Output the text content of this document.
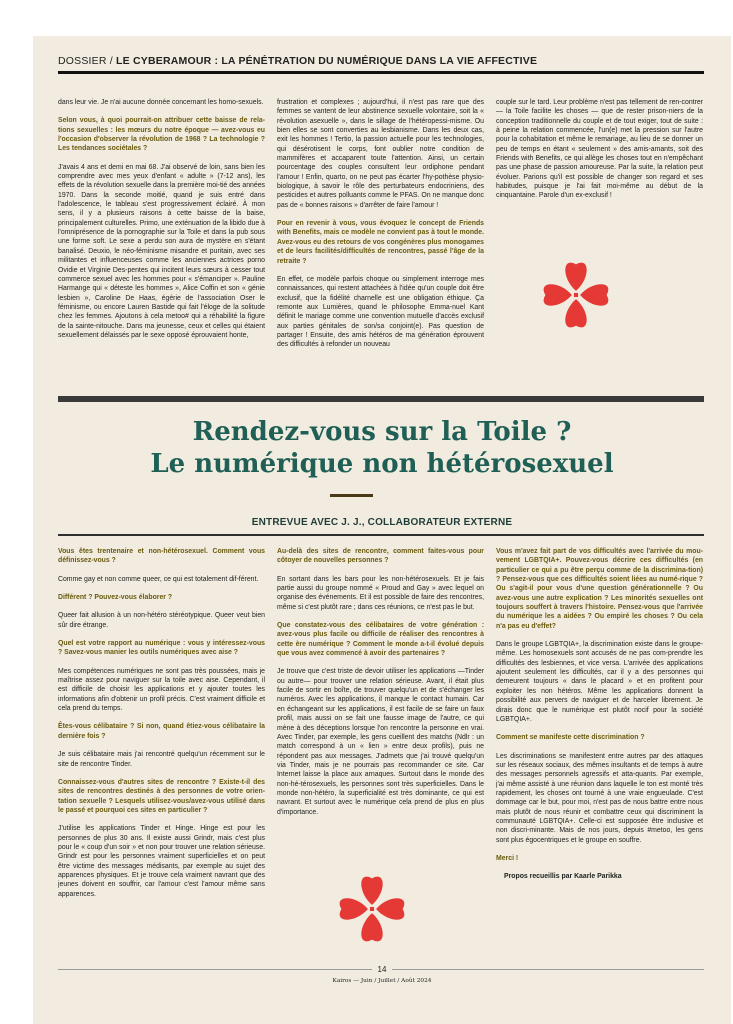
DOSSIER / LE CYBERAMOUR : LA PÉNÉTRATION DU NUMÉRIQUE DANS LA VIE AFFECTIVE

dans leur vie. Je n'ai aucune donnée concernant les homo-sexuels.

Selon vous, à quoi pourrait-on attribuer cette baisse de rela-tions sexuelles : les mœurs du notre époque — avez-vous eu l'occasion d'observer la révolution de 1968 ? La technologie ? Les tendances sociétales ?

J'avais 4 ans et demi en mai 68. J'ai observé de loin, sans bien les comprendre avec mes yeux d'enfant « adulte » (7-12 ans), les effets de la révolution sexuelle dans la première moi-tié des années 1970. Dans la seconde moitié, quand je suis entré dans l'adolescence, le tableau s'est progressivement éclairé. À mon sens, il y a plusieurs raisons à cette baisse de la baise, principalement culturelles. Primo, une exténuation de la libido due à l'omniprésence de la pornographie sur la Toile et dans la pub sous une forme soft. Le sexe a perdu son aura de mystère en s'étant banalisé. Deuxio, le néo-féminisme misandre et puritain, avec ses militantes et influenceuses comme les anciennes actrices porno Ovidie et Virginie Des-pentes qui incitent leurs sœurs à cesser tout commerce sexuel avec les hommes pour « s'émanciper ». Pauline Harmange qui « déteste les hommes », Alice Coffin et son « génie lesbien », Caroline De Haas, égérie de l'association Oser le féminisme, ou encore Lauren Bastide qui fait l'éloge de la solitude chez les femmes. Ajoutons à cela metoo# qui a réhabilité la figure de la sainte-nitouche. Dans ma jeunesse, ceux et celles qui étaient sexuellement délaissés par le sexe opposé éprouvaient honte,

frustration et complexes ; aujourd'hui, il n'est pas rare que des femmes se vantent de leur abstinence sexuelle volontaire, soit la « révolution asexuelle », dans le sillage de l'hétéropessi-misme. Ou bien elles se sont converties au lesbianisme. Dans les deux cas, exit les hommes ! Tertio, la passion actuelle pour les technologies, qui désérotisent le corps, font oublier notre condition de mammifères et accaparent toute l'attention. Ainsi, un certain pourcentage des couples consultent leur ordiphone pendant l'amour ! Enfin, quarto, on ne peut pas écarter l'hy-pothèse physio-biologique, à savoir le rôle des perturbateurs endocriniens, des pesticides et autres polluants comme le PFAS. On ne manque donc pas de « bonnes raisons » d'arrêter de faire l'amour !

Pour en revenir à vous, vous évoquez le concept de Friends with Benefits, mais ce modèle ne convient pas à tout le monde. Avez-vous eu des retours de vos congénères plus monogames et de leurs facilités/difficultés de rencontres, passé l'âge de la retraite ?

En effet, ce modèle parfois choque ou simplement interroge mes connaissances, qui restent attachées à l'idée qu'un couple doit être exclusif, que la fidélité charnelle est une obligation éthique. Ça remonte aux Lumières, quand le philosophe Emma-nuel Kant définit le mariage comme une convention mutuelle d'accès exclusif aux parties génitales de son/sa conjoint(e). Pas question de partager ! Ensuite, des amis hétéros de ma génération éprouvent des difficultés à refonder un nouveau

couple sur le tard. Leur problème n'est pas tellement de ren-contrer — la Toile facilite les choses — que de rester prison-niers de la conception traditionnelle du couple et de tout exiger, tout de suite : à peine la relation commencée, l'un(e) met la pression sur l'autre pour la cohabitation et même le remariage, au lieu de se donner un peu de temps en étant « seulement » des amis-amants, soit des Friends with Benefits, ce qui allège les choses tout en n'empêchant pas une phase de passion amoureuse. Par la suite, la relation peut évoluer. Parions qu'il est possible de changer son regard et ses habitudes, puisque je l'ai fait moi-même au début de la cinquantaine. Parole d'un ex-exclusif !

Rendez-vous sur la Toile ?
Le numérique non hétérosexuel
ENTREVUE AVEC J. J., COLLABORATEUR EXTERNE

Vous êtes trentenaire et non-hétérosexuel. Comment vous définissez-vous ?

Comme gay et non comme queer, ce qui est totalement dif-férent.

Différent ? Pouvez-vous élaborer ?

Queer fait allusion à un non-hétéro stéréotypique. Queer veut bien sûr dire étrange.

Quel est votre rapport au numérique : vous y intéressez-vous ? Savez-vous manier les outils numériques avec aise ?

Mes compétences numériques ne sont pas très poussées, mais je maîtrise assez pour naviguer sur la toile avec aise. Cependant, il est difficile de choisir les applications et y ajouter toutes les informations afin d'obtenir un profil précis. C'est vraiment difficile et cela prend du temps.

Êtes-vous célibataire ? Si non, quand êtiez-vous célibataire la dernière fois ?

Je suis célibataire mais j'ai rencontré quelqu'un récemment sur le site de rencontre Tinder.

Connaissez-vous d'autres sites de rencontre ? Existe-t-il des sites de rencontres destinés à des personnes de votre orien-tation sexuelle ? Lesquels utilisez-vous/avez-vous utilisé dans le passé et pourquoi ces sites en particulier ?

J'utilise les applications Tinder et Hinge. Hinge est pour les personnes de plus 30 ans. Il existe aussi Grindr, mais c'est plus pour le « coup d'un soir » et non pour trouver une relation sérieuse. Grindr est pour les personnes vraiment superficielles et on peut être victime des messages médisants, par exemple au sujet des apparences physiques. Et je trouve cela vraiment navrant que des jeunes doivent en souffrir, car l'amour c'est l'amour même sans apparences.

Au-delà des sites de rencontre, comment faites-vous pour côtoyer de nouvelles personnes ?

En sortant dans les bars pour les non-hétérosexuels. Et je fais partie aussi du groupe nommé « Proud and Gay » avec lequel on organise des événements. Et il est possible de faire des rencontres, même si c'est plutôt rare ; dans ces réunions, ce n'est pas le but.

Que constatez-vous des célibataires de votre génération : avez-vous plus facile ou difficile de réaliser des rencontres à cette ère numérique ? Comment le monde a-t-il évolué depuis que vous avez commencé à avoir des partenaires ?

Je trouve que c'est triste de devoir utiliser les applications —Tinder ou autre— pour trouver une relation sérieuse. Avant, il était plus facile de sortir en boîte, de trouver quelqu'un et de s'échanger les numéros. Avec les applications, il manque le contact humain. Car en échangeant sur les applications, il est facile de se faire un faux profil, mais aussi on se fait une fausse image de l'autre, ce qui mène à des déceptions lorsque l'on rencontre la personne en vrai. Avec Tinder, par exemple, les gens cueillent des matchs (Ndlr : un match correspond à un « lien » entre deux profils), puis ne répondent pas aux messages. J'admets que j'ai trouvé quelqu'un via Tinder, mais je ne pourrais pas recommander ce site. Car Internet laisse la place aux arnaques. Surtout dans le monde des non-hé-térosexuels, les personnes sont très superficielles. Dans le monde non-hétéro, la superficialité est très dominante, ce qui est navrant. Et surtout avec le numérique cela prend de plus en plus d'importance.

Vous m'avez fait part de vos difficultés avec l'arrivée du mou-vement LGBTQIA+. Pouvez-vous décrire ces difficultés (en particulier ce qui a pu être perçu comme de la discrimina-tion) ? Pensez-vous que ces difficultés soient liées au numé-rique ? Ou s'agit-il pour vous d'une question générationnelle ? Ou avez-vous une autre explication ? Les minorités sexuelles ont toujours souffert à travers l'histoire. Pensez-vous que l'arrivée du numérique les a aidées ? Ou empiré les choses ? Ou cela n'a pas eu d'effet?

Dans le groupe LGBTQIA+, la discrimination existe dans le groupe-même. Les homosexuels sont accusés de ne pas com-prendre les difficultés des lesbiennes, et vice versa. L'arrivée des applications ajoutent seulement les difficultés, car il y a des personnes qui demeurent toujours « dans le placard » et en profitent pour exploiter les non hétéros. Même les applications donnent la possibilité aux pervers de naviguer et de harceler librement. Je dirais donc que le numérique est plutôt nocif pour la société LGBTQIA+.

Comment se manifeste cette discrimination ?

Les discriminations se manifestent entre autres par des attaques sur les réseaux sociaux, des mêmes insultants et de temps à autre des messages personnels agressifs et atta-quants. Par exemple, j'ai même assisté à une réunion dans laquelle le ton est monté très rapidement, les choses ont tourné à une vraie engueulade. C'est dommage car le but, pour moi, n'est pas de nous battre entre nous mais plutôt de nous réunir et combattre ceux qui discriminent la communauté LGBTQIA+. Celle-ci est supposée être inclusive et non discri-minante. Mais de nos jours, depuis #metoo, les gens sont plus égocentriques et le groupe en souffre.

Merci !

Propos recueillis par Kaarle Parikka

14
Kairos — Juin / Juillet / Août 2024
